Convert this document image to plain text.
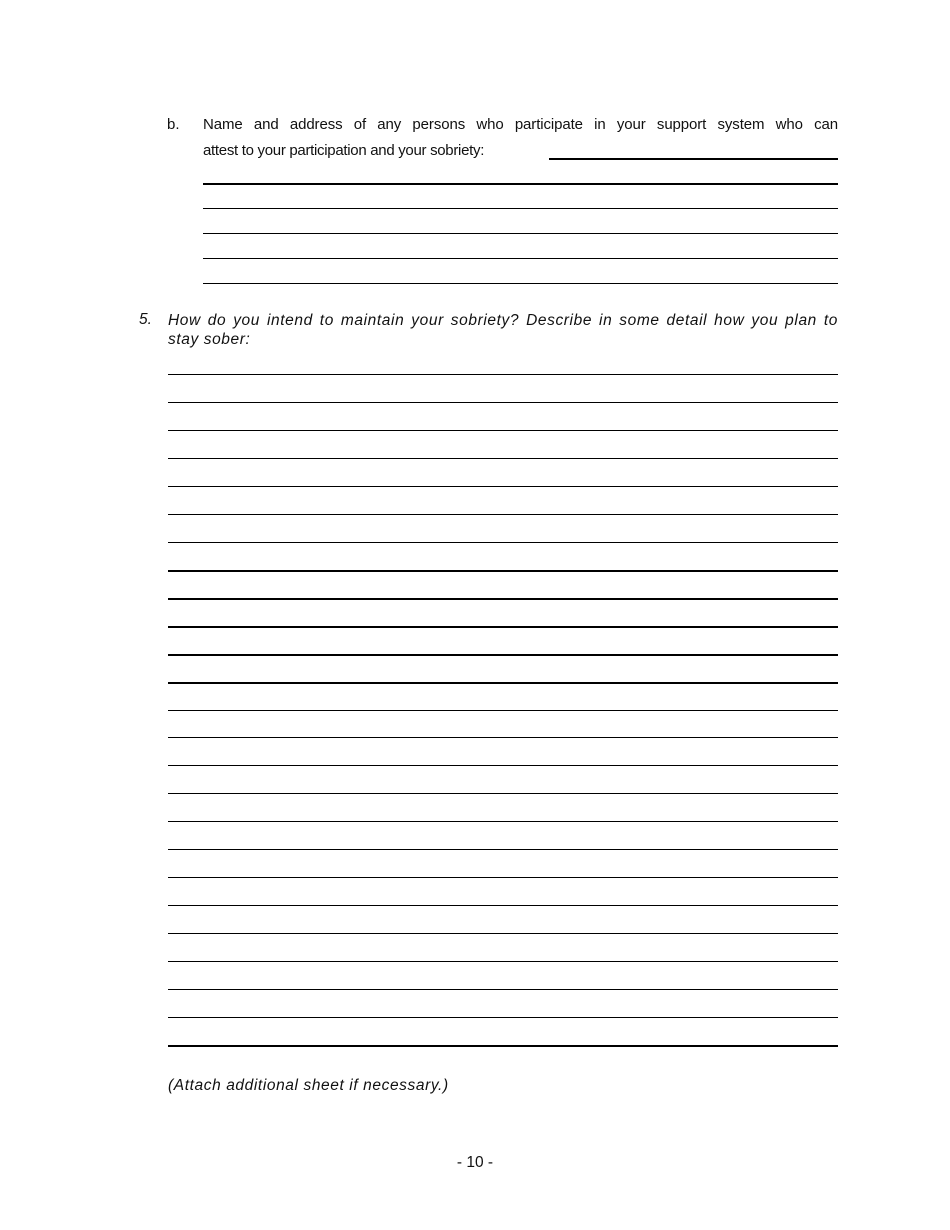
b. Name and address of any persons who participate in your support system who can
attest to your participation and your sobriety:
5. How do you intend to maintain your sobriety? Describe in some detail how you plan to stay sober:
(Attach additional sheet if necessary.)
- 10 -
